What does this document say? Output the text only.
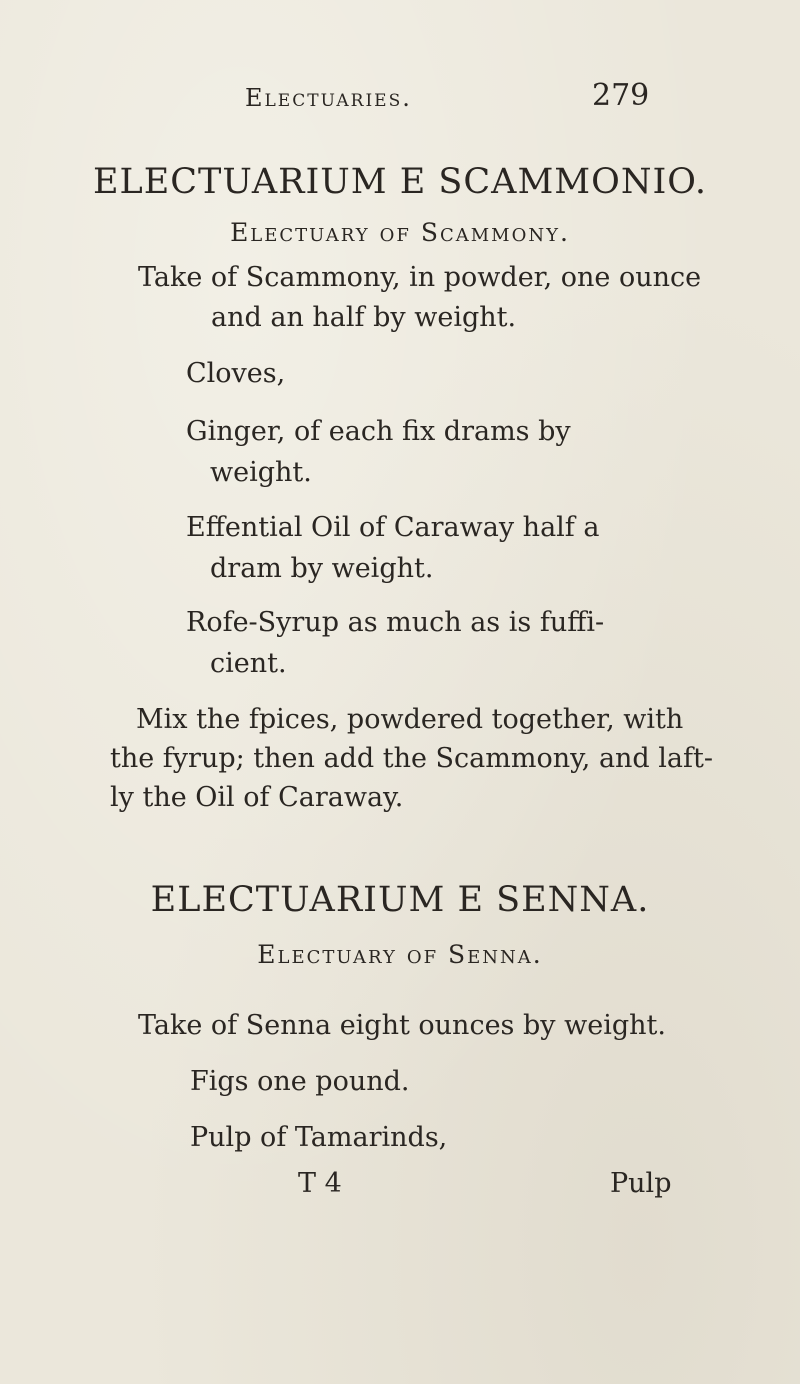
Electuaries.	279
ELECTUARIUM E SCAMMONIO.
Electuary of Scammony.
Take of Scammony, in powder, one ounce
and an half by weight.
Cloves,
Ginger, of each fix drams by
weight.
Effential Oil of Caraway half a
dram by weight.
Rofe-Syrup as much as is fuffi-
cient.
Mix the fpices, powdered together, with
the fyrup; then add the Scammony, and laft-
ly the Oil of Caraway.
ELECTUARIUM E SENNA.
Electuary of Senna.
Take of Senna eight ounces by weight.
Figs one pound.
Pulp of Tamarinds,
T 4	Pulp
